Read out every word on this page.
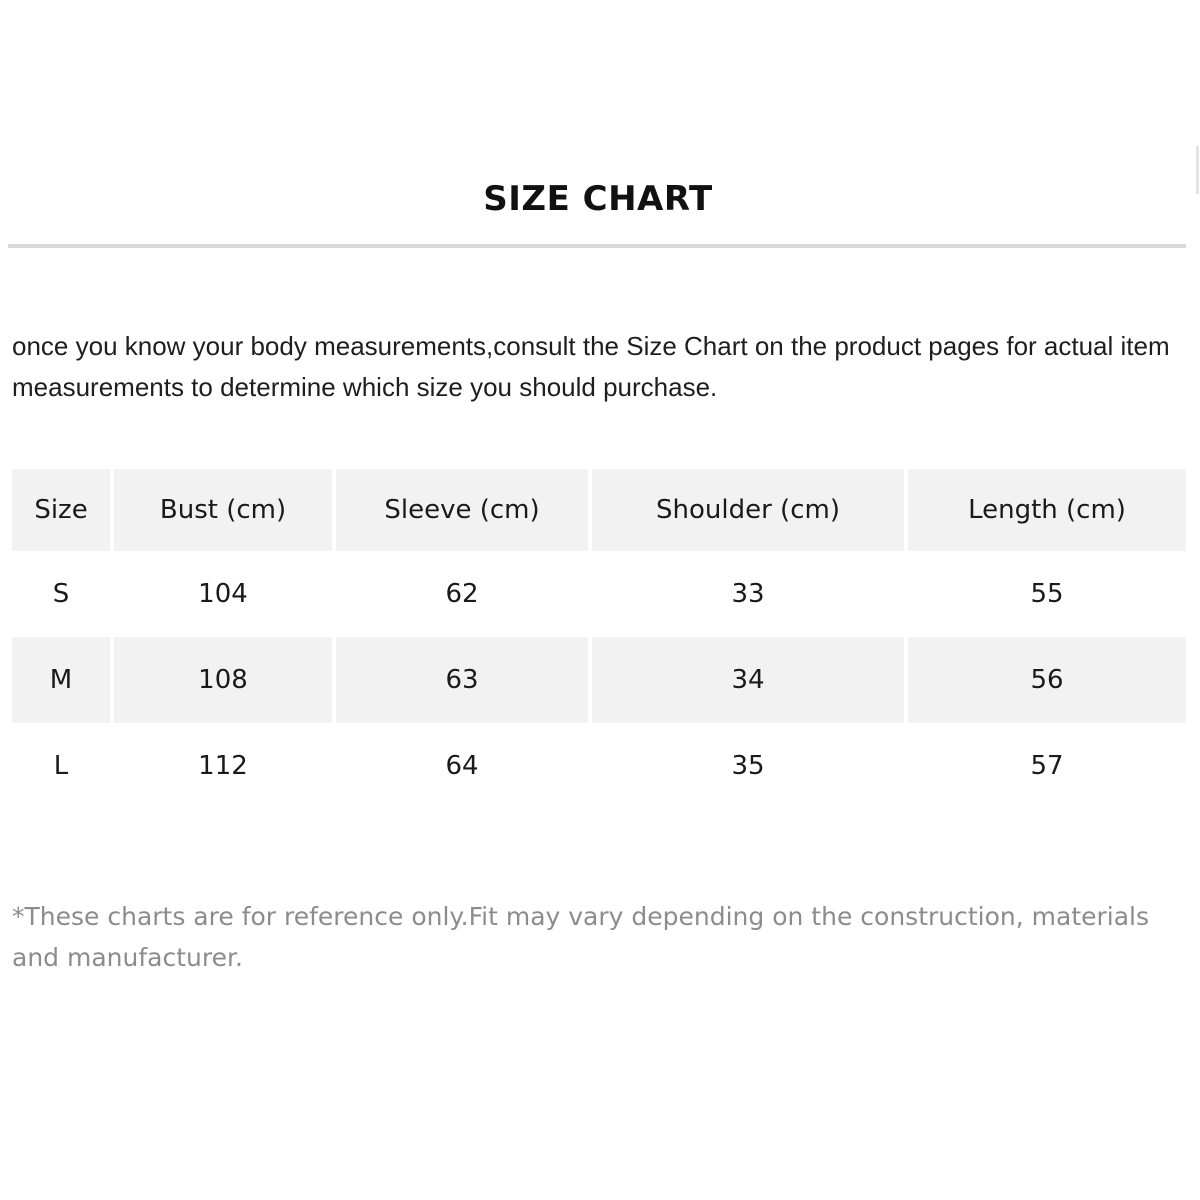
SIZE CHART
once you know your body measurements,consult the Size Chart on the product pages for actual item measurements to determine which size you should purchase.
Size	Bust (cm)	Sleeve (cm)	Shoulder (cm)	Length (cm)
S	104	62	33	55
M	108	63	34	56
L	112	64	35	57
*These charts are for reference only.Fit may vary depending on the construction, materials and manufacturer.
